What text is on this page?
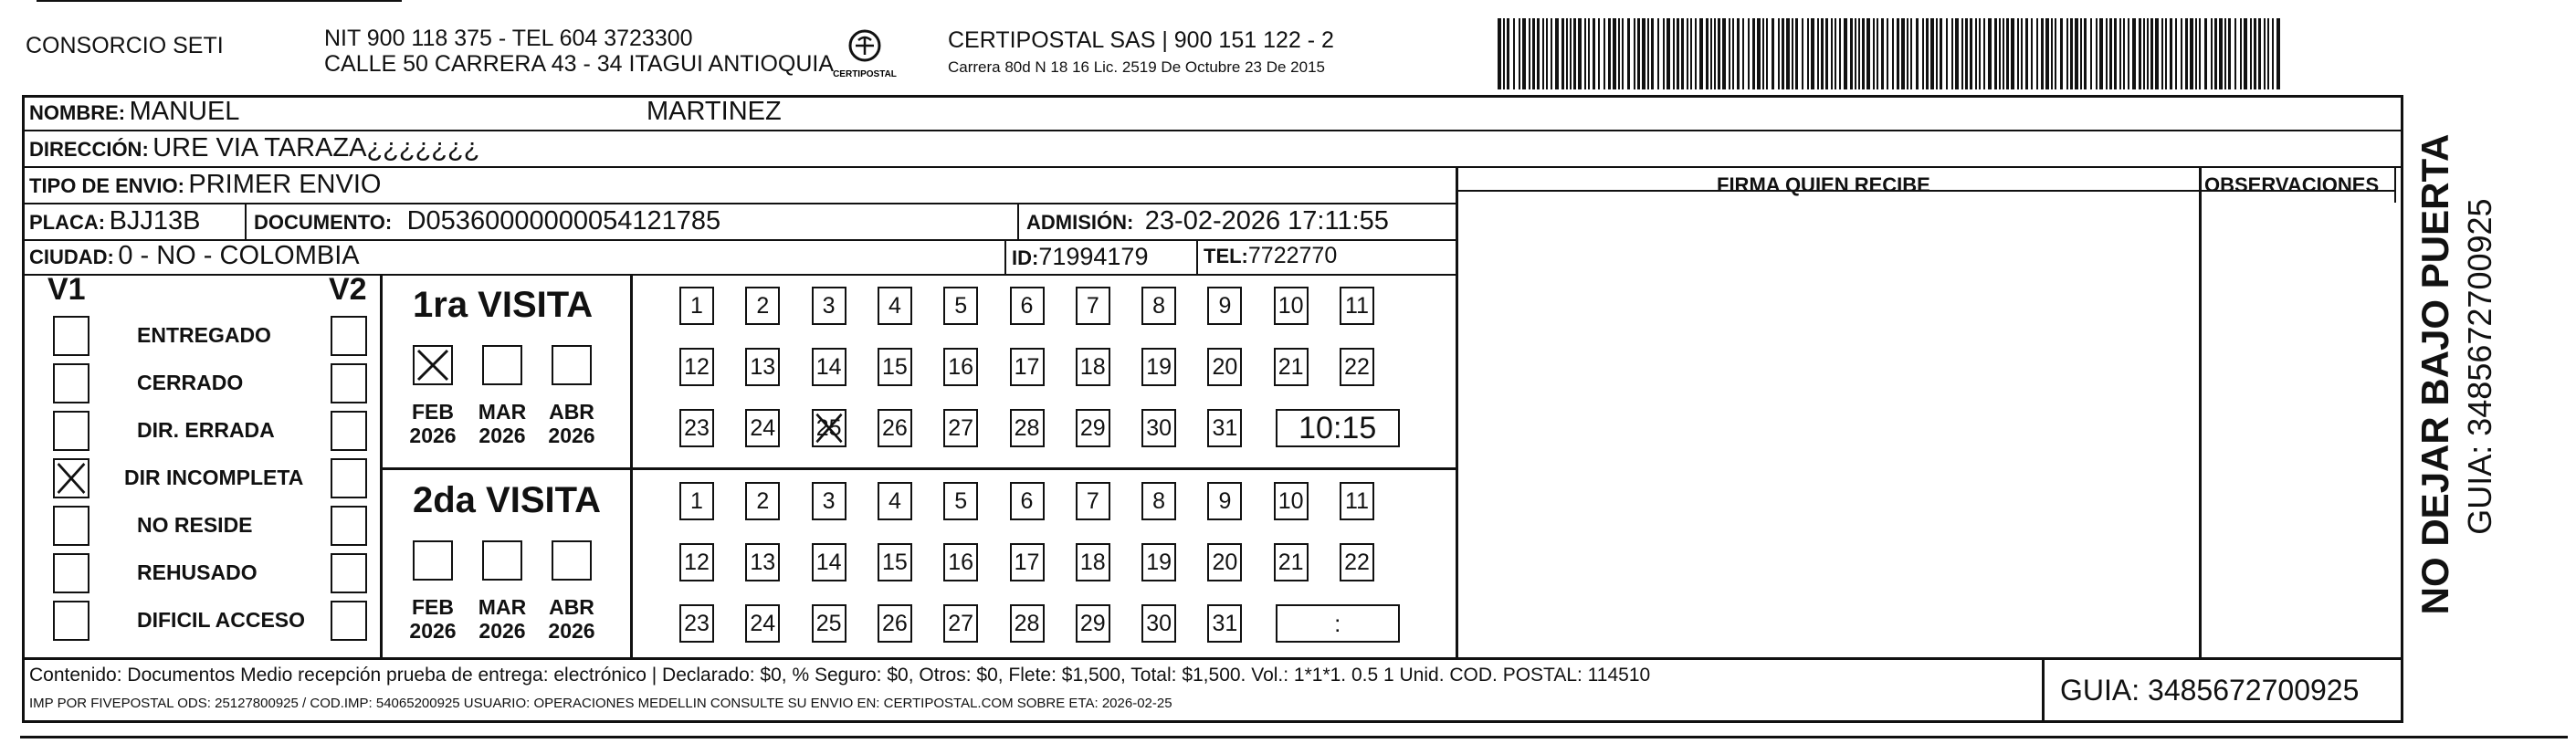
CONSORCIO SETI	NIT 900 118 375 - TEL 604 3723300
CALLE 50 CARRERA 43 - 34 ITAGUI ANTIOQUIA CERTIPOSTAL
CERTIPOSTAL SAS | 900 151 122 - 2
Carrera 80d N 18 16 Lic. 2519 De Octubre 23 De 2015
NOMBRE: MANUEL	MARTINEZ
DIRECCIÓN: URE VIA TARAZA¿¿¿¿¿¿¿
TIPO DE ENVIO: PRIMER ENVIO	FIRMA QUIEN RECIBE	OBSERVACIONES
PLACA: BJJ13B	DOCUMENTO: D05360000000054121785	ADMISIÓN: 23-02-2026 17:11:55
CIUDAD: 0 - NO - COLOMBIA	ID:71994179	TEL:7722770
V1	V2
ENTREGADO
CERRADO
DIR. ERRADA
DIR INCOMPLETA
NO RESIDE
REHUSADO
DIFICIL ACCESO
1ra VISITA
FEB
2026
MAR
2026
ABR
2026
1 2 3 4 5 6 7 8 9 10 11
12 13 14 15 16 17 18 19 20 21 22
23 24 25 26 27 28 29 30 31 10:15
2da VISITA
FEB
2026
MAR
2026
ABR
2026
1 2 3 4 5 6 7 8 9 10 11
12 13 14 15 16 17 18 19 20 21 22
23 24 25 26 27 28 29 30 31	:
Contenido: Documentos Medio recepción prueba de entrega: electrónico | Declarado: $0, % Seguro: $0, Otros: $0, Flete: $1,500, Total: $1,500. Vol.: 1*1*1. 0.5 1 Unid. COD. POSTAL: 114510
IMP POR FIVEPOSTAL ODS: 25127800925 / COD.IMP: 54065200925 USUARIO: OPERACIONES MEDELLIN CONSULTE SU ENVIO EN: CERTIPOSTAL.COM SOBRE ETA: 2026-02-25	GUIA: 3485672700925
NO DEJAR BAJO PUERTA GUIA: 3485672700925
